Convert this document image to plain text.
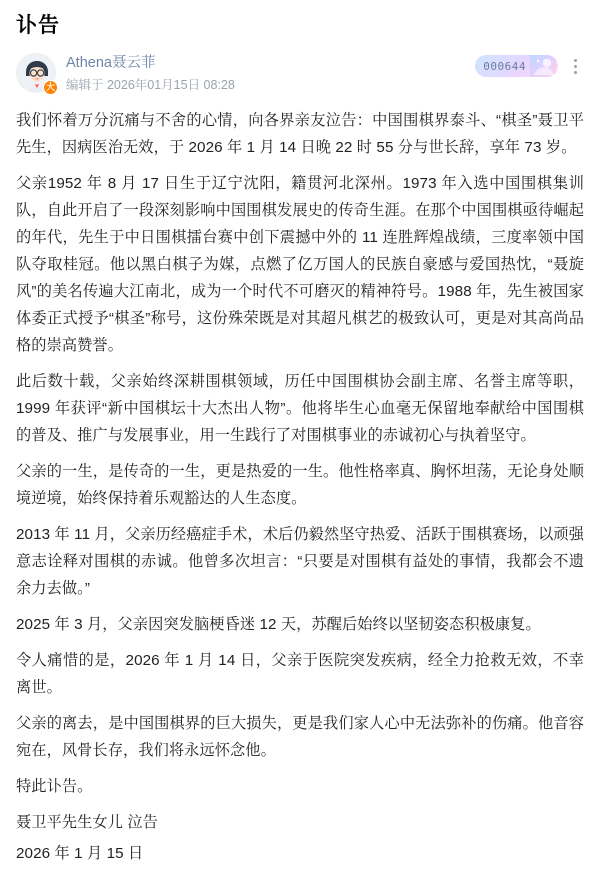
讣告
大
Athena聂云菲
编辑于 2026年01月15日 08:28
000644

我们怀着万分沉痛与不舍的心情，向各界亲友泣告：中国围棋界泰斗、“棋圣”聂卫平先生，因病医治无效，于 2026 年 1 月 14 日晚 22 时 55 分与世长辞，享年 73 岁。

父亲1952 年 8 月 17 日生于辽宁沈阳，籍贯河北深州。1973 年入选中国围棋集训队，自此开启了一段深刻影响中国围棋发展史的传奇生涯。在那个中国围棋亟待崛起的年代，先生于中日围棋擂台赛中创下震撼中外的 11 连胜辉煌战绩，三度率领中国队夺取桂冠。他以黑白棋子为媒，点燃了亿万国人的民族自豪感与爱国热忱，“聂旋风”的美名传遍大江南北，成为一个时代不可磨灭的精神符号。1988 年，先生被国家体委正式授予“棋圣”称号，这份殊荣既是对其超凡棋艺的极致认可，更是对其高尚品格的崇高赞誉。

此后数十载，父亲始终深耕围棋领域，历任中国围棋协会副主席、名誉主席等职，1999 年获评“新中国棋坛十大杰出人物”。他将毕生心血毫无保留地奉献给中国围棋的普及、推广与发展事业，用一生践行了对围棋事业的赤诚初心与执着坚守。

父亲的一生，是传奇的一生，更是热爱的一生。他性格率真、胸怀坦荡，无论身处顺境逆境，始终保持着乐观豁达的人生态度。

2013 年 11 月，父亲历经癌症手术，术后仍毅然坚守热爱、活跃于围棋赛场，以顽强意志诠释对围棋的赤诚。他曾多次坦言：“只要是对围棋有益处的事情，我都会不遗余力去做。”

2025 年 3 月，父亲因突发脑梗昏迷 12 天，苏醒后始终以坚韧姿态积极康复。

令人痛惜的是，2026 年 1 月 14 日，父亲于医院突发疾病，经全力抢救无效，不幸离世。

父亲的离去，是中国围棋界的巨大损失，更是我们家人心中无法弥补的伤痛。他音容宛在，风骨长存，我们将永远怀念他。

特此讣告。

聂卫平先生女儿 泣告

2026 年 1 月 15 日
